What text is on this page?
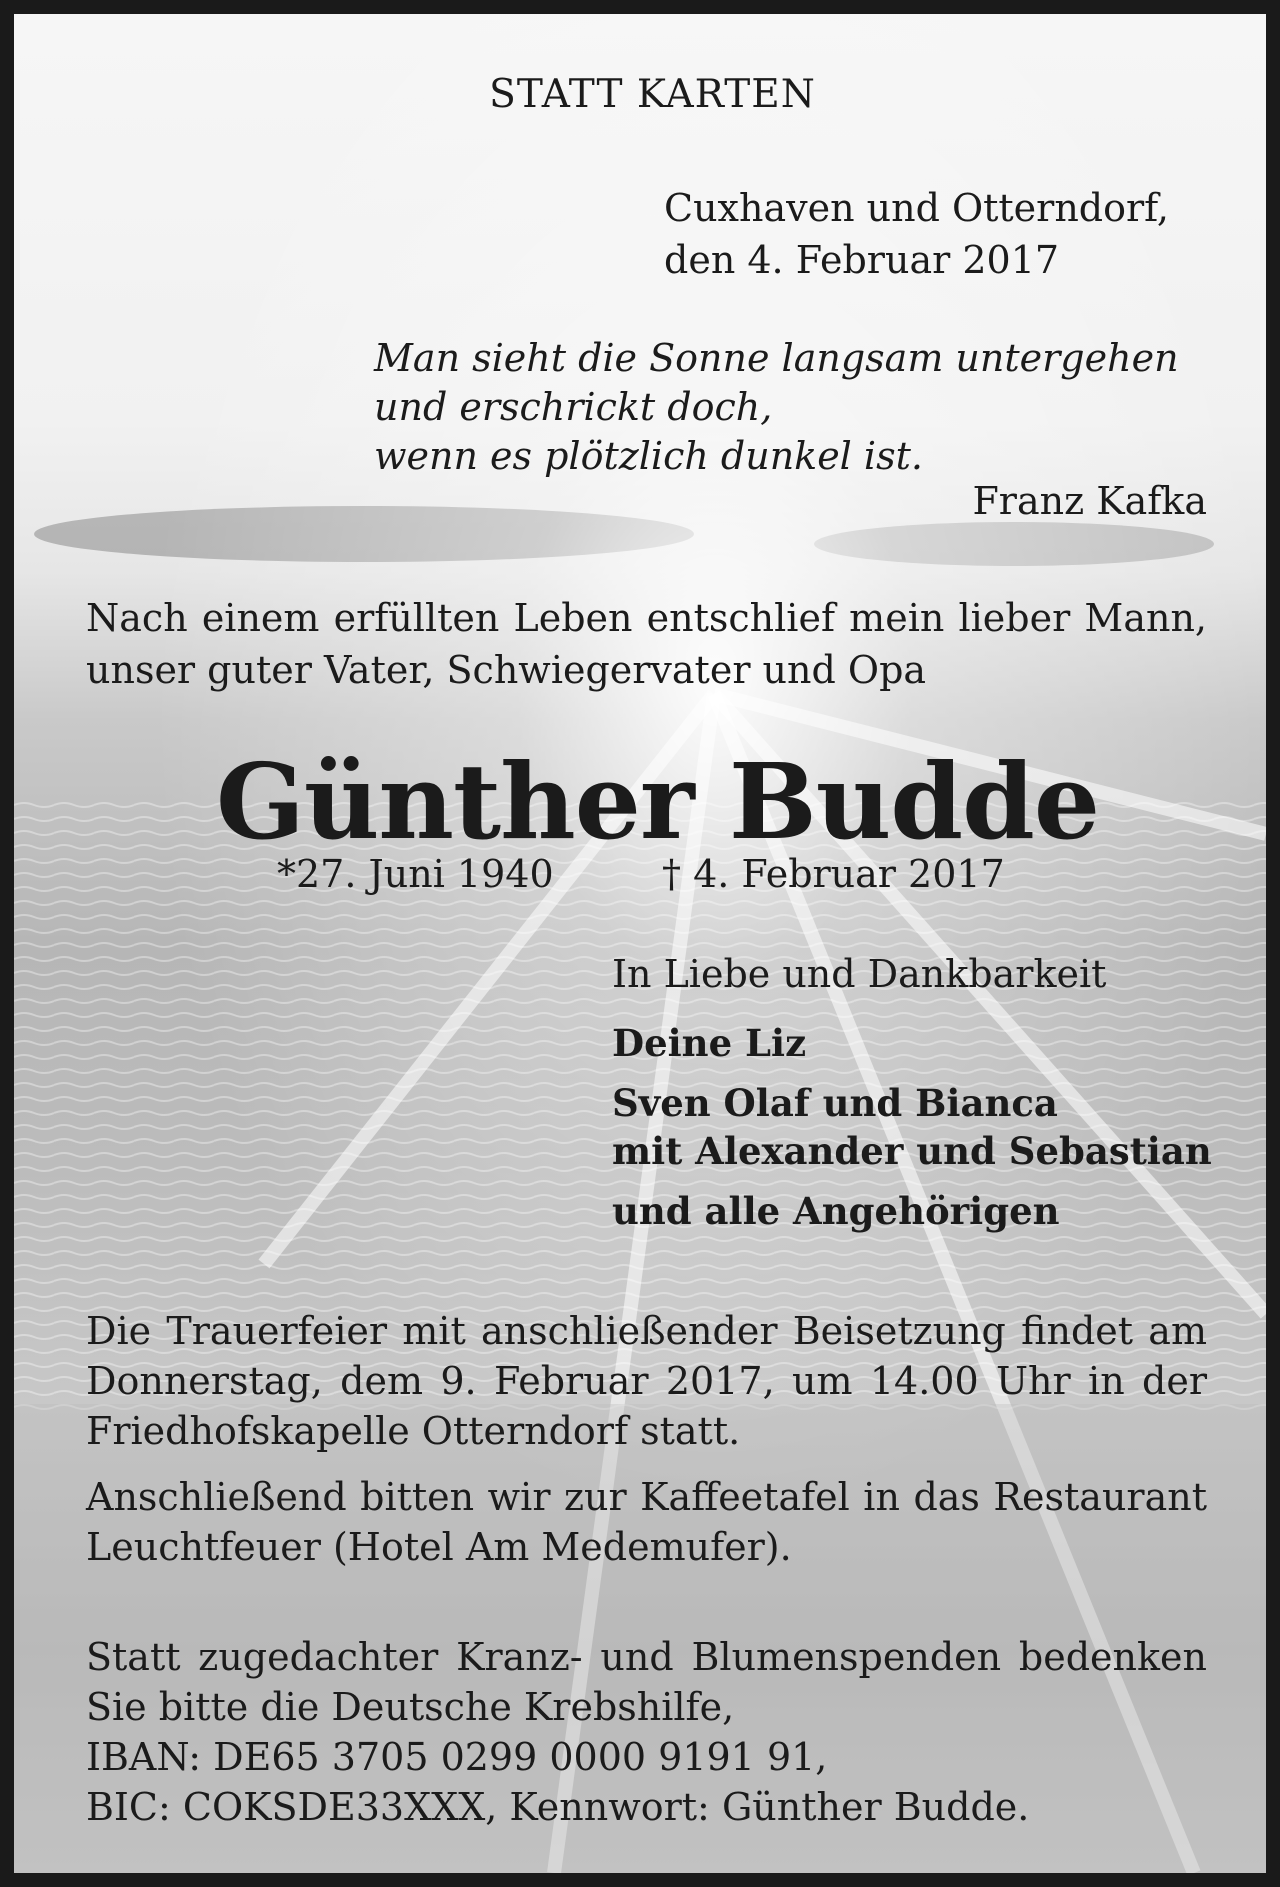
STATT KARTEN
Cuxhaven und Otterndorf,
den 4. Februar 2017
Man sieht die Sonne langsam untergehen
und erschrickt doch,
wenn es plötzlich dunkel ist.
Franz Kafka
Nach einem erfüllten Leben entschlief mein lieber Mann, unser guter Vater, Schwiegervater und Opa
Günther Budde
*27. Juni 1940	† 4. Februar 2017
In Liebe und Dankbarkeit

Deine Liz

Sven Olaf und Bianca

mit Alexander und Sebastian

und alle Angehörigen

Die Trauerfeier mit anschließender Beisetzung findet am Donnerstag, dem 9. Februar 2017, um 14.00 Uhr in der Friedhofskapelle Otterndorf statt.
Anschließend bitten wir zur Kaffeetafel in das Restaurant Leuchtfeuer (Hotel Am Medemufer).
Statt zugedachter Kranz- und Blumenspenden bedenken Sie bitte die Deutsche Krebshilfe,
IBAN: DE65 3705 0299 0000 9191 91,
BIC: COKSDE33XXX, Kennwort: Günther Budde.
